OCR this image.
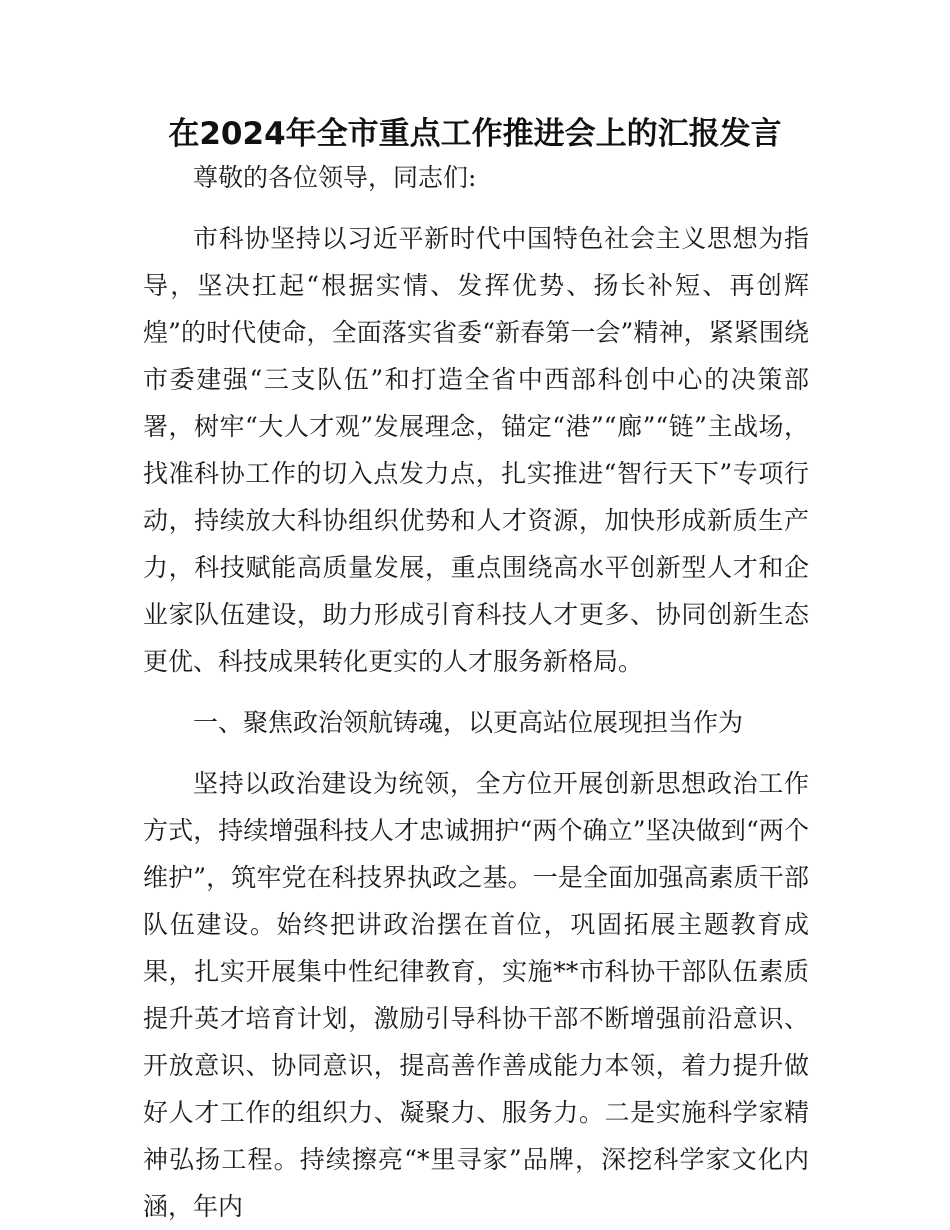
在2024年全市重点工作推进会上的汇报发言

尊敬的各位领导，同志们:

市科协坚持以习近平新时代中国特色社会主义思想为指导，坚决扛起“根据实情、发挥优势、扬长补短、再创辉煌”的时代使命，全面落实省委“新春第一会”精神，紧紧围绕市委建强“三支队伍”和打造全省中西部科创中心的决策部署，树牢“大人才观”发展理念，锚定“港”“廊”“链”主战场，找准科协工作的切入点发力点，扎实推进“智行天下”专项行动，持续放大科协组织优势和人才资源，加快形成新质生产力，科技赋能高质量发展，重点围绕高水平创新型人才和企业家队伍建设，助力形成引育科技人才更多、协同创新生态更优、科技成果转化更实的人才服务新格局。

一、聚焦政治领航铸魂，以更高站位展现担当作为

坚持以政治建设为统领，全方位开展创新思想政治工作方式，持续增强科技人才忠诚拥护“两个确立”坚决做到“两个维护”，筑牢党在科技界执政之基。一是全面加强高素质干部队伍建设。始终把讲政治摆在首位，巩固拓展主题教育成果，扎实开展集中性纪律教育，实施**市科协干部队伍素质提升英才培育计划，激励引导科协干部不断增强前沿意识、开放意识、协同意识，提高善作善成能力本领，着力提升做好人才工作的组织力、凝聚力、服务力。二是实施科学家精神弘扬工程。持续擦亮“*里寻家”品牌，深挖科学家文化内涵，年内
